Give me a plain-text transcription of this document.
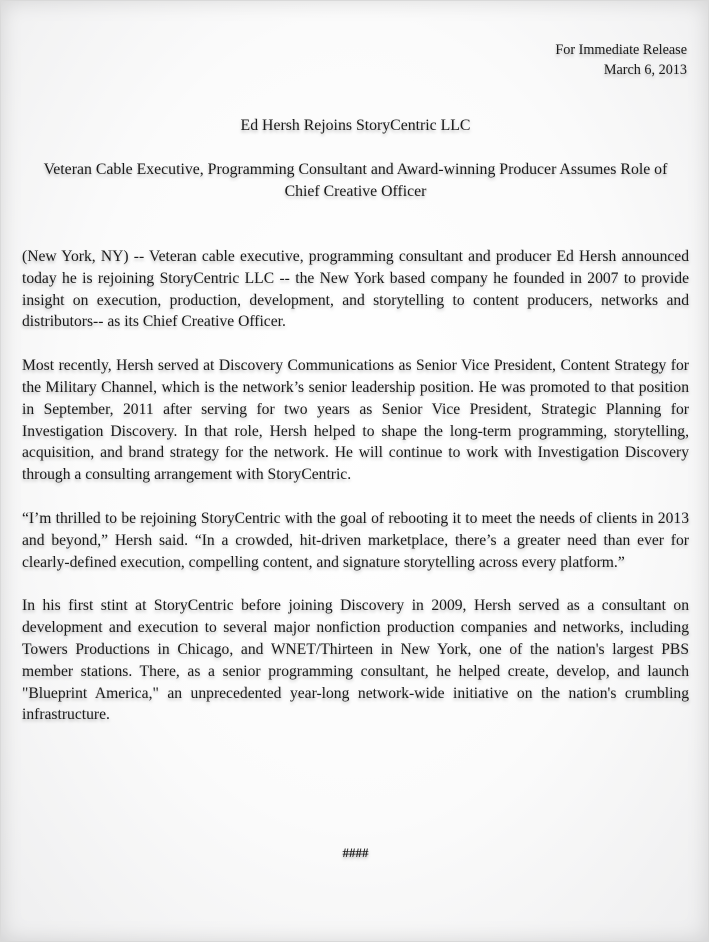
For Immediate Release
March 6, 2013
Ed Hersh Rejoins StoryCentric LLC
Veteran Cable Executive, Programming Consultant and Award-winning Producer Assumes Role of Chief Creative Officer

(New York, NY) -- Veteran cable executive, programming consultant and producer Ed Hersh announced today he is rejoining StoryCentric LLC -- the New York based company he founded in 2007 to provide insight on execution, production, development, and storytelling to content producers, networks and distributors-- as its Chief Creative Officer.

Most recently, Hersh served at Discovery Communications as Senior Vice President, Content Strategy for the Military Channel, which is the network’s senior leadership position. He was promoted to that position in September, 2011 after serving for two years as Senior Vice President, Strategic Planning for Investigation Discovery. In that role, Hersh helped to shape the long-term programming, storytelling, acquisition, and brand strategy for the network. He will continue to work with Investigation Discovery through a consulting arrangement with StoryCentric.

“I’m thrilled to be rejoining StoryCentric with the goal of rebooting it to meet the needs of clients in 2013 and beyond,” Hersh said. “In a crowded, hit-driven marketplace, there’s a greater need than ever for clearly-defined execution, compelling content, and signature storytelling across every platform.”

In his first stint at StoryCentric before joining Discovery in 2009, Hersh served as a consultant on development and execution to several major nonfiction production companies and networks, including Towers Productions in Chicago, and WNET/Thirteen in New York, one of the nation's largest PBS member stations. There, as a senior programming consultant, he helped create, develop, and launch "Blueprint America," an unprecedented year-long network-wide initiative on the nation's crumbling infrastructure.

####
